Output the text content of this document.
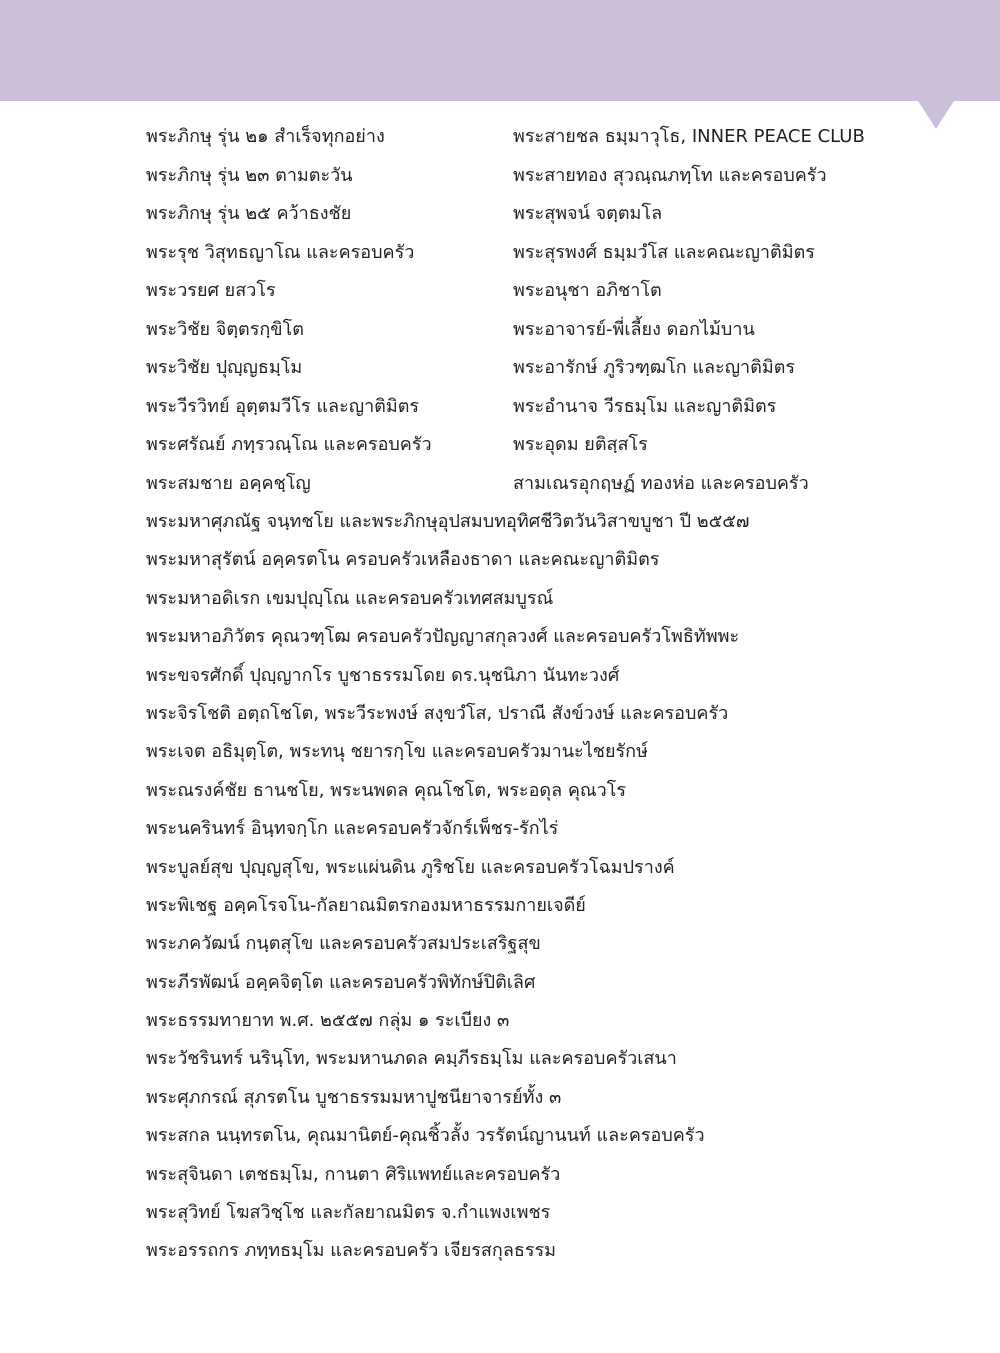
พระภิกษุ รุ่น ๒๑ สำเร็จทุกอย่าง	พระสายชล ธมฺมาวุโธ, INNER PEACE CLUB
พระภิกษุ รุ่น ๒๓ ตามตะวัน	พระสายทอง สุวณฺณภทฺโท และครอบครัว
พระภิกษุ รุ่น ๒๕ คว้าธงชัย	พระสุพจน์ จตฺตมโล
พระรุช วิสุทธญาโณ และครอบครัว	พระสุรพงศ์ ธมฺมวํโส และคณะญาติมิตร
พระวรยศ ยสวโร	พระอนุชา อภิชาโต
พระวิชัย จิตฺตรกฺขิโต	พระอาจารย์-พี่เลี้ยง ดอกไม้บาน
พระวิชัย ปุญฺญธมฺโม	พระอารักษ์ ภูริวฑฺฒโก และญาติมิตร
พระวีรวิทย์ อุตฺตมวีโร และญาติมิตร	พระอำนาจ วีรธมฺโม และญาติมิตร
พระศรัณย์ ภทฺรวณฺโณ และครอบครัว	พระอุดม ยติสฺสโร
พระสมชาย อคฺคชฺโญ	สามเณรอุกฤษฏ์ ทองห่อ และครอบครัว
พระมหาศุภณัฐ จนฺทชโย และพระภิกษุอุปสมบทอุทิศชีวิตวันวิสาขบูชา ปี ๒๕๕๗
พระมหาสุรัตน์ อคฺครตโน ครอบครัวเหลืองธาดา และคณะญาติมิตร
พระมหาอดิเรก เขมปุญฺโณ และครอบครัวเทศสมบูรณ์
พระมหาอภิวัตร คุณวฑฺโฒ ครอบครัวปัญญาสกุลวงศ์ และครอบครัวโพธิทัพพะ
พระขจรศักดิ์ ปุญฺญากโร บูชาธรรมโดย ดร.นุชนิภา นันทะวงศ์
พระจิรโชติ อตฺถโชโต, พระวีระพงษ์ สงฺขวํโส, ปราณี สังข์วงษ์ และครอบครัว
พระเจต อธิมุตฺโต, พระทนุ ชยารกฺโข และครอบครัวมานะไชยรักษ์
พระณรงค์ชัย ธานชโย, พระนพดล คุณโชโต, พระอดุล คุณวโร
พระนครินทร์ อินฺทจกฺโก และครอบครัวจักร์เพ็ชร-รักไร่
พระบูลย์สุข ปุญฺญสุโข, พระแผ่นดิน ภูริชโย และครอบครัวโฉมปรางค์
พระพิเชฐ อคฺคโรจโน-กัลยาณมิตรกองมหาธรรมกายเจดีย์
พระภควัฒน์ กนฺตสุโข และครอบครัวสมประเสริฐสุข
พระภีรพัฒน์ อคฺคจิตฺโต และครอบครัวพิทักษ์ปิติเลิศ
พระธรรมทายาท พ.ศ. ๒๕๕๗ กลุ่ม ๑ ระเบียง ๓
พระวัชรินทร์ นรินฺโท, พระมหานภดล คมฺภีรธมฺโม และครอบครัวเสนา
พระศุภกรณ์ สุภรตโน บูชาธรรมมหาปูชนียาจารย์ทั้ง ๓
พระสกล นนฺทรตโน, คุณมานิตย์-คุณชิ้วลั้ง วรรัตน์ญานนท์ และครอบครัว
พระสุจินดา เตชธมฺโม, กานตา ศิริแพทย์และครอบครัว
พระสุวิทย์ โฆสวิชฺโช และกัลยาณมิตร จ.กำแพงเพชร
พระอรรถกร ภทฺทธมฺโม และครอบครัว เจียรสกุลธรรม
